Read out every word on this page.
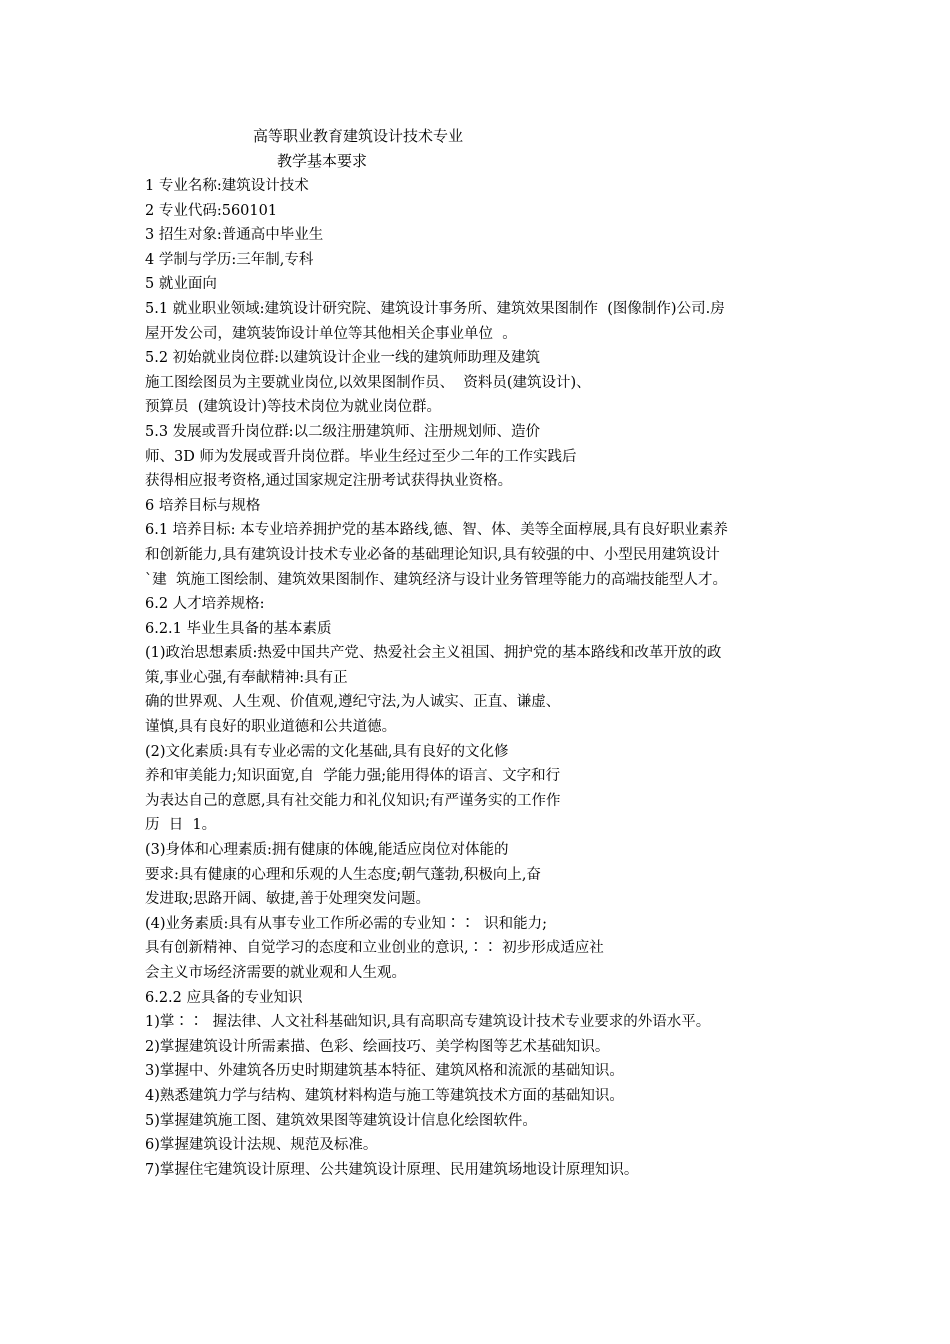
高等职业教育建筑设计技术专业
教学基本要求
1 专业名称:建筑设计技术
2 专业代码:560101
3 招生对象:普通高中毕业生
4 学制与学历:三年制,专科
5 就业面向
5.1 就业职业领域:建筑设计研究院、建筑设计事务所、建筑效果图制作  (图像制作)公司.房
屋开发公司，建筑装饰设计单位等其他相关企事业单位  。
5.2 初始就业岗位群:以建筑设计企业一线的建筑师助理及建筑
施工图绘图员为主要就业岗位,以效果图制作员、  资料员(建筑设计)、
预算员  (建筑设计)等技术岗位为就业岗位群。
5.3 发展或晋升岗位群:以二级注册建筑师、注册规划师、造价
师、3D 师为发展或晋升岗位群。毕业生经过至少二年的工作实践后
获得相应报考资格,通过国家规定注册考试获得执业资格。
6 培养目标与规格
6.1 培养目标: 本专业培养拥护党的基本路线,德、智、体、美等全面椁展,具有良好职业素养
和创新能力,具有建筑设计技术专业必备的基础理论知识,具有较强的中、小型民用建筑设计
`建  筑施工图绘制、建筑效果图制作、建筑经济与设计业务管理等能力的高端技能型人才。
6.2 人才培养规格:
6.2.1 毕业生具备的基本素质
(1)政治思想素质:热爱中国共产党、热爱社会主义祖国、拥护党的基本路线和改革开放的政
策,事业心强,有奉献精神:具有正
确的世界观、人生观、价值观,遵纪守法,为人诚实、正直、谦虚、
谨慎,具有良好的职业道德和公共道德。
(2)文化素质:具有专业必需的文化基础,具有良好的文化修
养和审美能力;知识面宽,自  学能力强;能用得体的语言、文字和行
为表达自己的意愿,具有社交能力和礼仪知识;有严谨务实的工作作
历  日  1。
(3)身体和心理素质:拥有健康的体魄,能适应岗位对体能的
要求:具有健康的心理和乐观的人生态度;朝气蓬勃,积极向上,奋
发进取;思路开阔、敏捷,善于处理突发问题。
(4)业务素质:具有从事专业工作所必需的专业知∶∶  识和能力;
具有创新精神、自觉学习的态度和立业创业的意识,∶∶ 初步形成适应社
会主义市场经济需要的就业观和人生观。
6.2.2 应具备的专业知识
1)掌∶∶  握法律、人文社科基础知识,具有高职高专建筑设计技术专业要求的外语水平。
2)掌握建筑设计所需素描、色彩、绘画技巧、美学构图等艺术基础知识。
3)掌握中、外建筑各历史时期建筑基本特征、建筑风格和流派的基础知识。
4)熟悉建筑力学与结构、建筑材料构造与施工等建筑技术方面的基础知识。
5)掌握建筑施工图、建筑效果图等建筑设计信息化绘图软件。
6)掌握建筑设计法规、规范及标准。
7)掌握住宅建筑设计原理、公共建筑设计原理、民用建筑场地设计原理知识。
